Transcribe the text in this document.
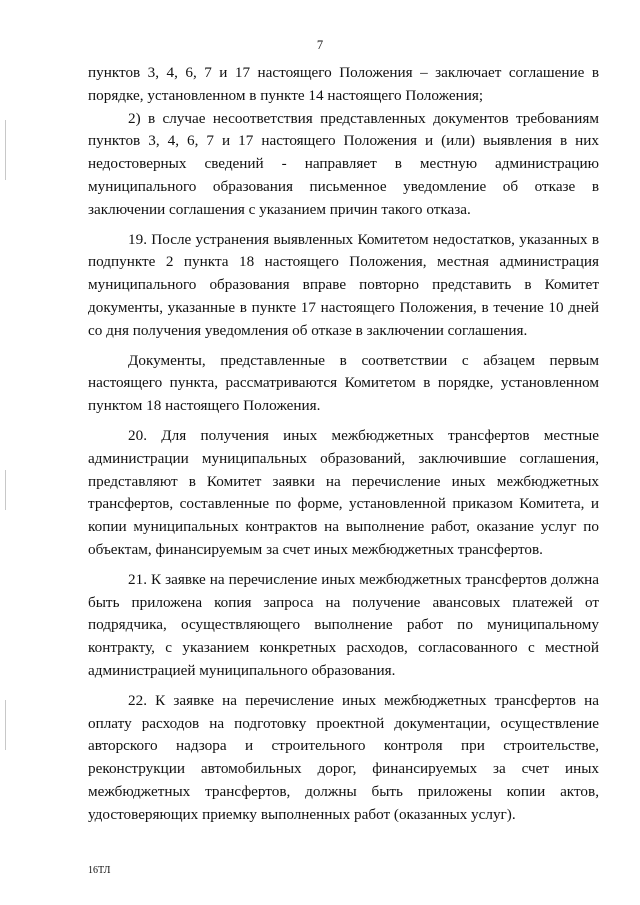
7

пунктов 3, 4, 6, 7 и 17 настоящего Положения – заключает соглашение в порядке, установленном в пункте 14 настоящего Положения;

2) в случае несоответствия представленных документов требованиям пунктов 3, 4, 6, 7 и 17 настоящего Положения и (или) выявления в них недостоверных сведений - направляет в местную администрацию муниципального образования письменное уведомление об отказе в заключении соглашения с указанием причин такого отказа.

19. После устранения выявленных Комитетом недостатков, указанных в подпункте 2 пункта 18 настоящего Положения, местная администрация муниципального образования вправе повторно представить в Комитет документы, указанные в пункте 17 настоящего Положения, в течение 10 дней со дня получения уведомления об отказе в заключении соглашения.

Документы, представленные в соответствии с абзацем первым настоящего пункта, рассматриваются Комитетом в порядке, установленном пунктом 18 настоящего Положения.

20. Для получения иных межбюджетных трансфертов местные администрации муниципальных образований, заключившие соглашения, представляют в Комитет заявки на перечисление иных межбюджетных трансфертов, составленные по форме, установленной приказом Комитета, и копии муниципальных контрактов на выполнение работ, оказание услуг по объектам, финансируемым за счет иных межбюджетных трансфертов.

21. К заявке на перечисление иных межбюджетных трансфертов должна быть приложена копия запроса на получение авансовых платежей от подрядчика, осуществляющего выполнение работ по муниципальному контракту, с указанием конкретных расходов, согласованного с местной администрацией муниципального образования.

22. К заявке на перечисление иных межбюджетных трансфертов на оплату расходов на подготовку проектной документации, осуществление авторского надзора и строительного контроля при строительстве, реконструкции автомобильных дорог, финансируемых за счет иных межбюджетных трансфертов, должны быть приложены копии актов, удостоверяющих приемку выполненных работ (оказанных услуг).

16ТЛ
